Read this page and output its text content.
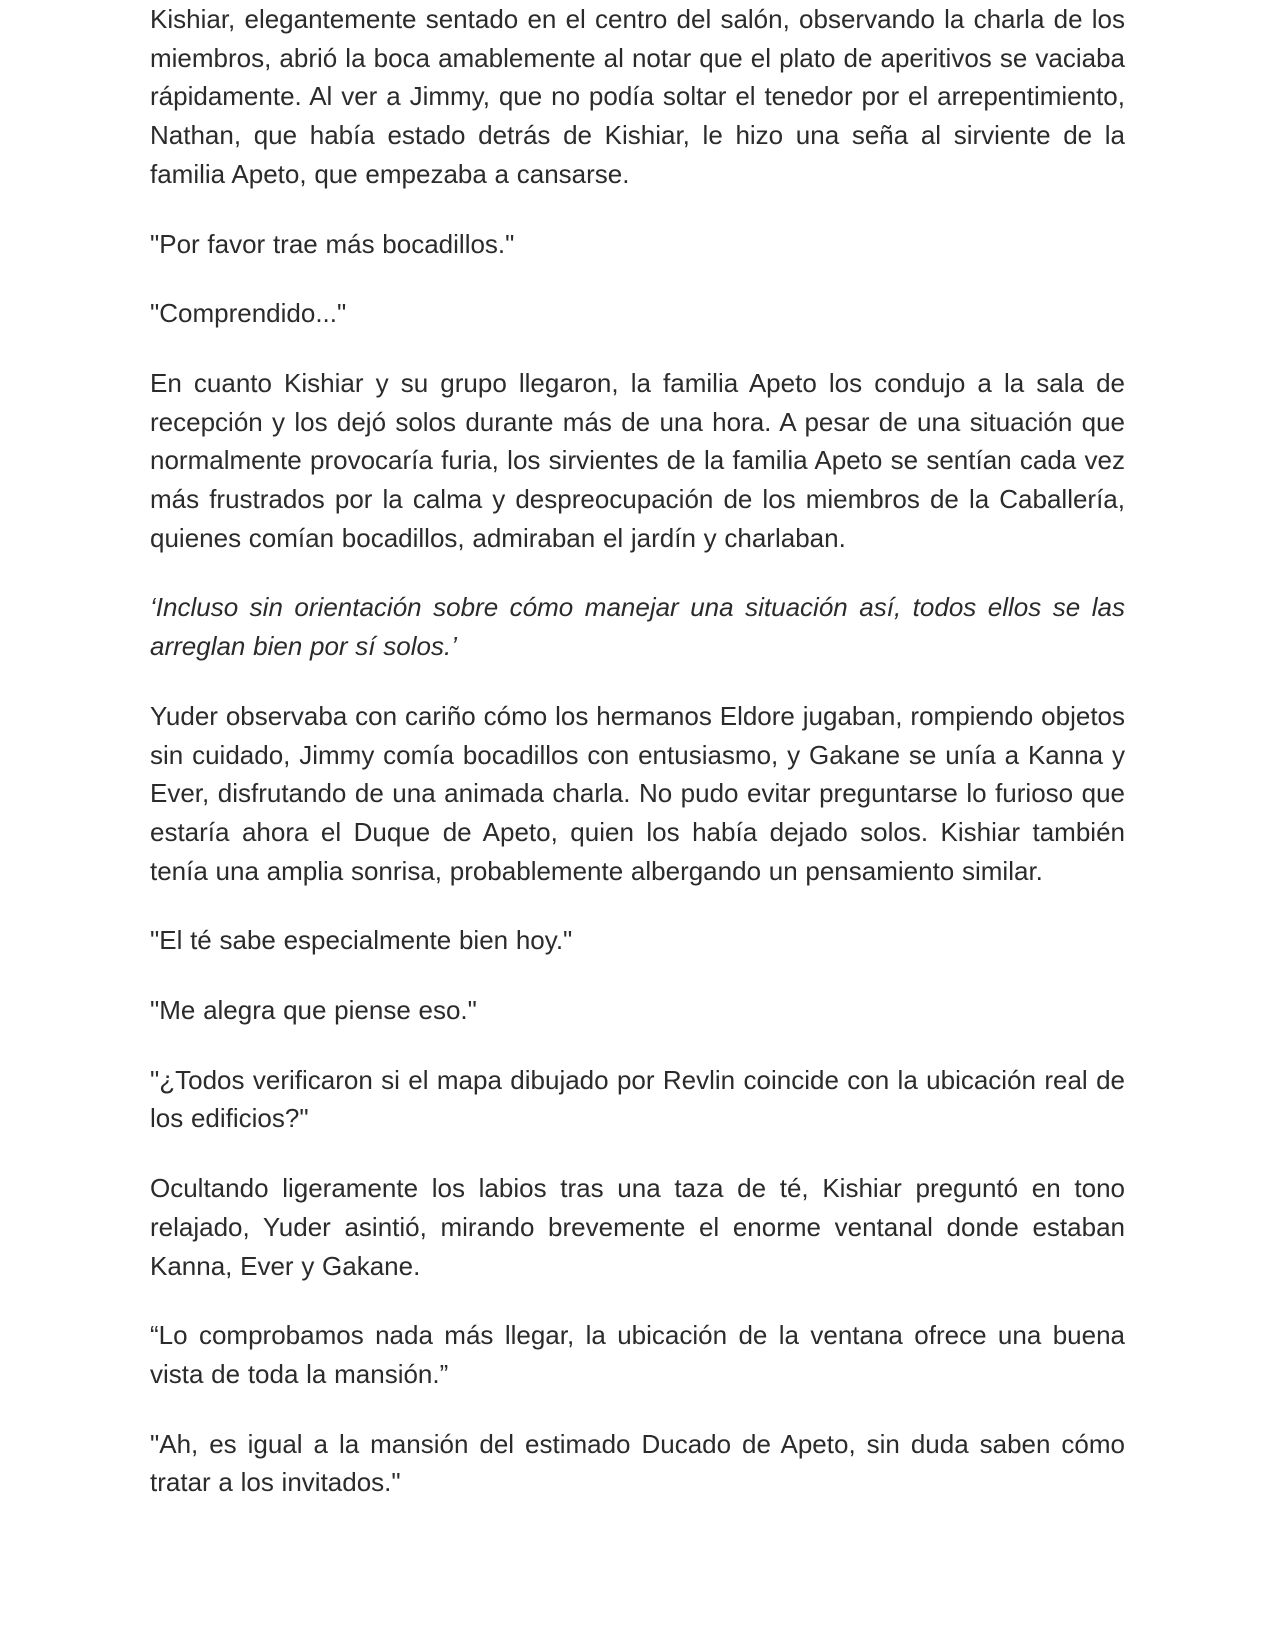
Kishiar, elegantemente sentado en el centro del salón, observando la charla de los miembros, abrió la boca amablemente al notar que el plato de aperitivos se vaciaba rápidamente. Al ver a Jimmy, que no podía soltar el tenedor por el arrepentimiento, Nathan, que había estado detrás de Kishiar, le hizo una seña al sirviente de la familia Apeto, que empezaba a cansarse.

"Por favor trae más bocadillos."

"Comprendido..."

En cuanto Kishiar y su grupo llegaron, la familia Apeto los condujo a la sala de recepción y los dejó solos durante más de una hora. A pesar de una situación que normalmente provocaría furia, los sirvientes de la familia Apeto se sentían cada vez más frustrados por la calma y despreocupación de los miembros de la Caballería, quienes comían bocadillos, admiraban el jardín y charlaban.

‘Incluso sin orientación sobre cómo manejar una situación así, todos ellos se las arreglan bien por sí solos.’

Yuder observaba con cariño cómo los hermanos Eldore jugaban, rompiendo objetos sin cuidado, Jimmy comía bocadillos con entusiasmo, y Gakane se unía a Kanna y Ever, disfrutando de una animada charla. No pudo evitar preguntarse lo furioso que estaría ahora el Duque de Apeto, quien los había dejado solos. Kishiar también tenía una amplia sonrisa, probablemente albergando un pensamiento similar.

"El té sabe especialmente bien hoy."

"Me alegra que piense eso."

"¿Todos verificaron si el mapa dibujado por Revlin coincide con la ubicación real de los edificios?"

Ocultando ligeramente los labios tras una taza de té, Kishiar preguntó en tono relajado, Yuder asintió, mirando brevemente el enorme ventanal donde estaban Kanna, Ever y Gakane.

“Lo comprobamos nada más llegar, la ubicación de la ventana ofrece una buena vista de toda la mansión.”

"Ah, es igual a la mansión del estimado Ducado de Apeto, sin duda saben cómo tratar a los invitados."
